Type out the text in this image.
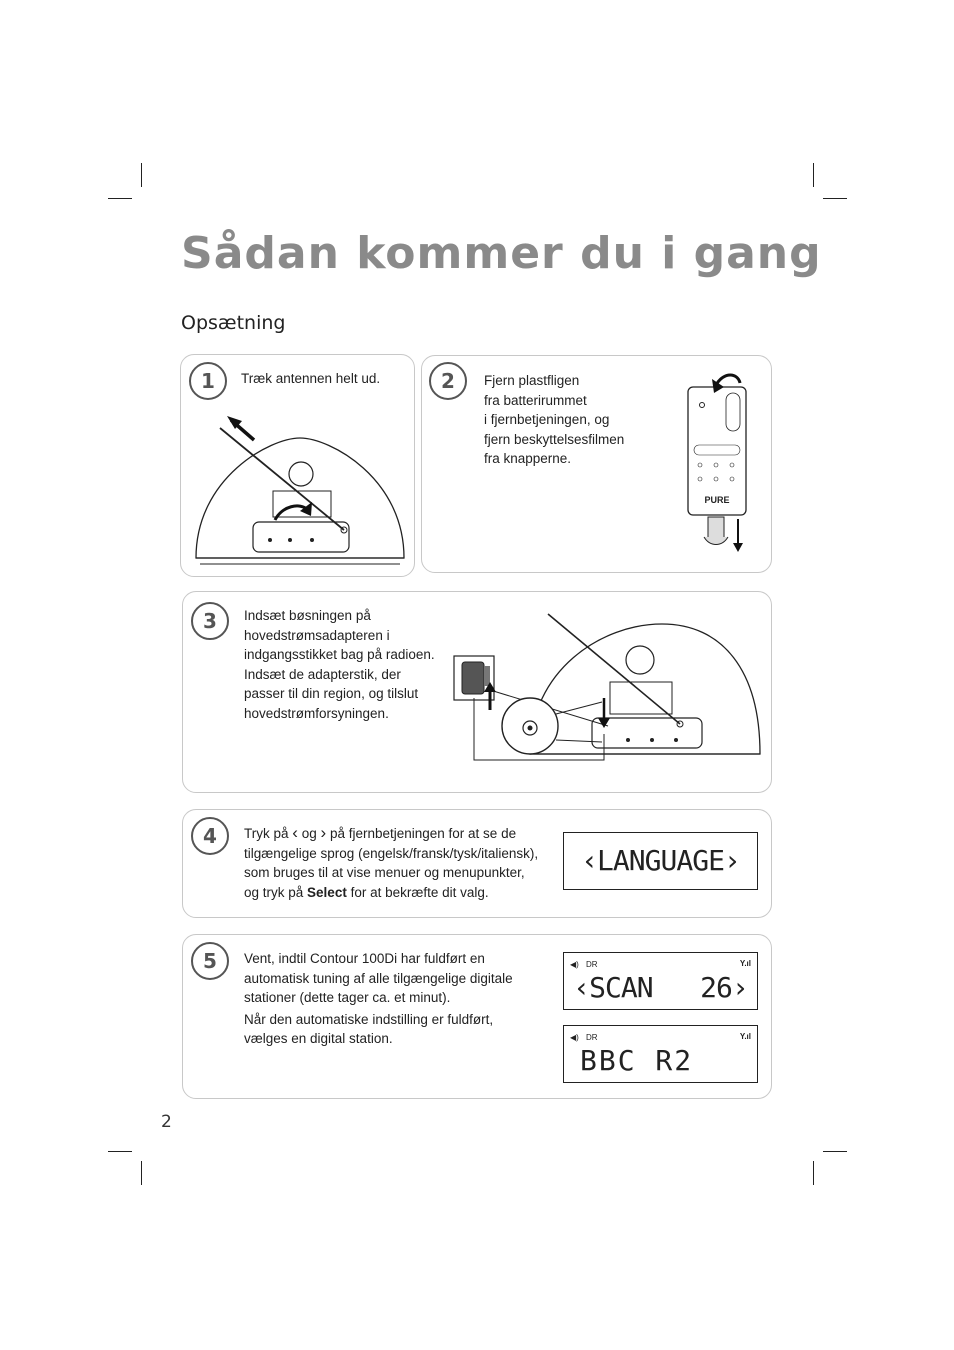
Sådan kommer du i gang
Opsætning
1	Træk antennen helt ud.	2	Fjern plastfligen

fra batterirummet

i fjernbetjeningen, og

fjern beskyttelsesfilmen

fra knapperne.

PURE
3	Indsæt bøsningen på

hovedstrømsadapteren i

indgangsstikket bag på radioen.

Indsæt de adapterstik, der

passer til din region, og tilslut

hovedstrømforsyningen.

4	Tryk på ‹ og › på fjernbetjeningen for at se de

tilgængelige sprog (engelsk/fransk/tysk/italiensk),

som bruges til at vise menuer og menupunkter,

og tryk på Select for at bekræfte dit valg.

‹LANGUAGE›
5	Vent, indtil Contour 100Di har fuldført en

automatisk tuning af alle tilgængelige digitale

stationer (dette tager ca. et minut).

Når den automatiske indstilling er fuldført,

vælges en digital station.

◀) DR	Y.ıl
‹SCAN   26›
◀) DR	Y.ıl
BBC R2
2
